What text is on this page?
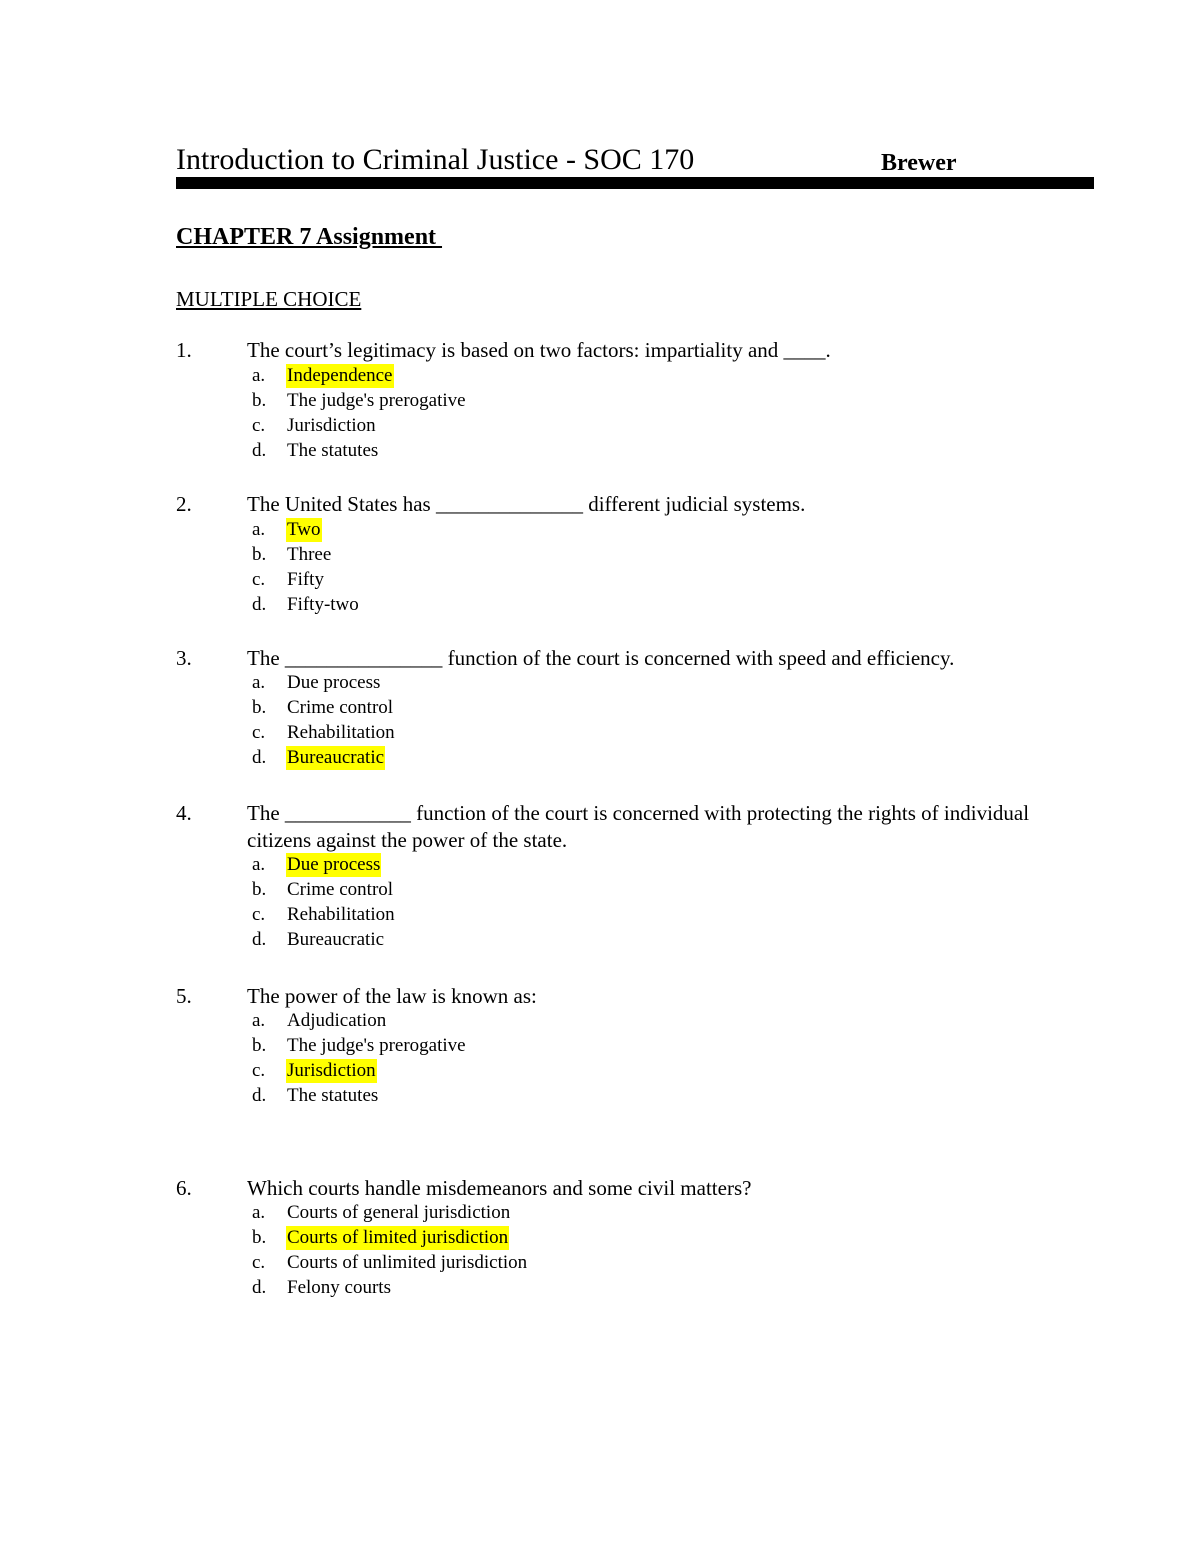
Introduction to Criminal Justice - SOC 170	Brewer
CHAPTER 7 Assignment
MULTIPLE CHOICE
1.	The court’s legitimacy is based on two factors: impartiality and ____.
a. Independence
b. The judge's prerogative
c. Jurisdiction
d. The statutes
2.	The United States has ______________ different judicial systems.
a. Two
b. Three
c. Fifty
d. Fifty-two
3.	The _______________ function of the court is concerned with speed and efficiency.
a. Due process
b. Crime control
c. Rehabilitation
d. Bureaucratic
4.	The ____________ function of the court is concerned with protecting the rights of individual citizens against the power of the state.
a. Due process
b. Crime control
c. Rehabilitation
d. Bureaucratic
5.	The power of the law is known as:
a. Adjudication
b. The judge's prerogative
c. Jurisdiction
d. The statutes
6.	Which courts handle misdemeanors and some civil matters?
a. Courts of general jurisdiction
b. Courts of limited jurisdiction
c. Courts of unlimited jurisdiction
d. Felony courts
